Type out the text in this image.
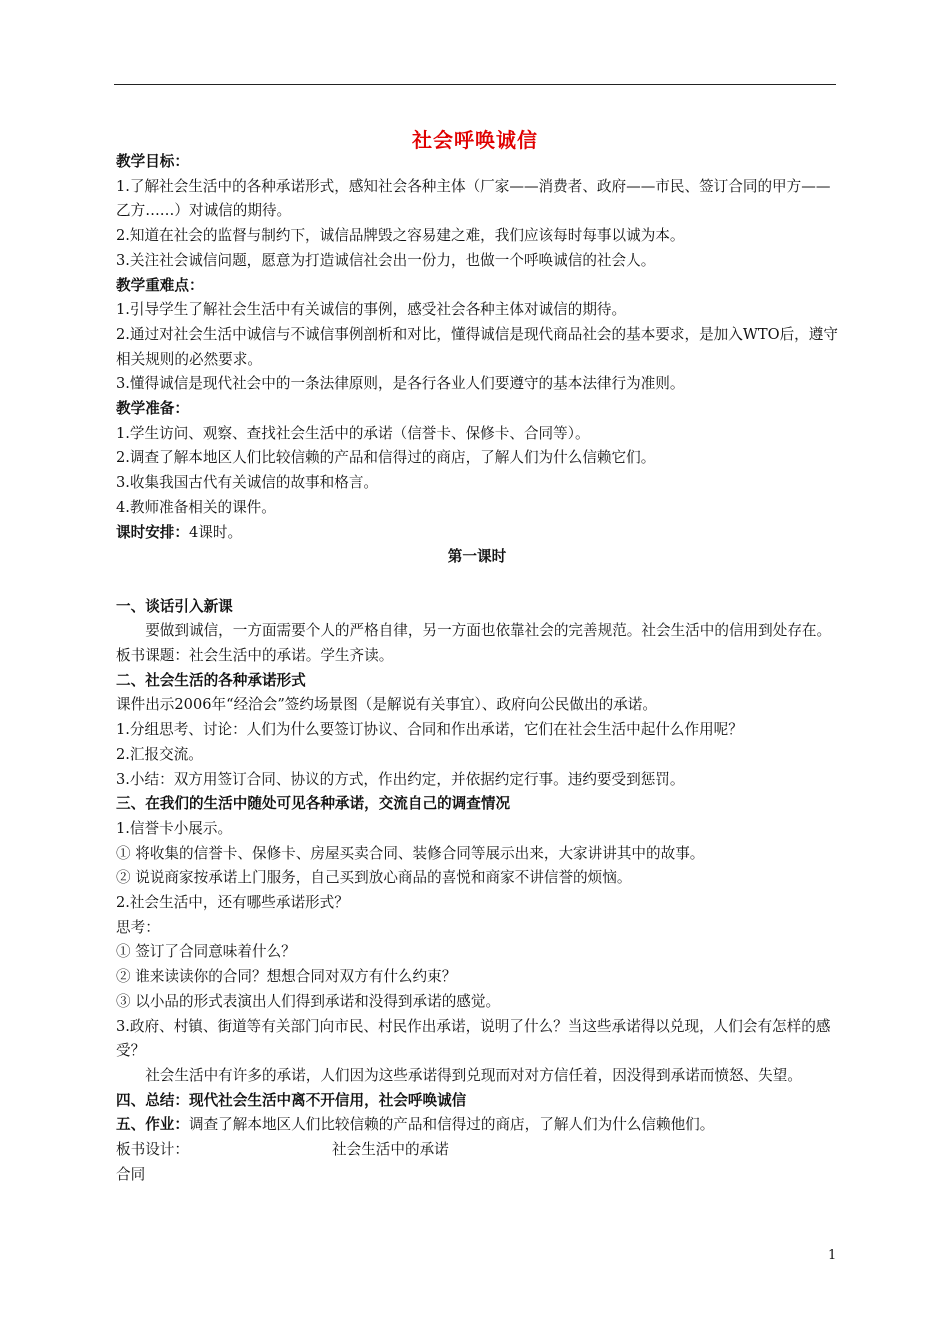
社会呼唤诚信

教学目标：

1.了解社会生活中的各种承诺形式，感知社会各种主体（厂家——消费者、政府——市民、签订合同的甲方——乙方……）对诚信的期待。

2.知道在社会的监督与制约下，诚信品牌毁之容易建之难，我们应该每时每事以诚为本。

3.关注社会诚信问题，愿意为打造诚信社会出一份力，也做一个呼唤诚信的社会人。

教学重难点：

1.引导学生了解社会生活中有关诚信的事例，感受社会各种主体对诚信的期待。

2.通过对社会生活中诚信与不诚信事例剖析和对比，懂得诚信是现代商品社会的基本要求，是加入WTO后，遵守相关规则的必然要求。

3.懂得诚信是现代社会中的一条法律原则，是各行各业人们要遵守的基本法律行为准则。

教学准备：

1.学生访问、观察、查找社会生活中的承诺（信誉卡、保修卡、合同等）。

2.调查了解本地区人们比较信赖的产品和信得过的商店，了解人们为什么信赖它们。

3.收集我国古代有关诚信的故事和格言。

4.教师准备相关的课件。

课时安排：4课时。

第一课时

一、谈话引入新课

要做到诚信，一方面需要个人的严格自律，另一方面也依靠社会的完善规范。社会生活中的信用到处存在。板书课题：社会生活中的承诺。学生齐读。

二、社会生活的各种承诺形式

课件出示2006年“经洽会”签约场景图（是解说有关事宜）、政府向公民做出的承诺。

1.分组思考、讨论：人们为什么要签订协议、合同和作出承诺，它们在社会生活中起什么作用呢？

2.汇报交流。

3.小结：双方用签订合同、协议的方式，作出约定，并依据约定行事。违约要受到惩罚。

三、在我们的生活中随处可见各种承诺，交流自己的调查情况

1.信誉卡小展示。

① 将收集的信誉卡、保修卡、房屋买卖合同、装修合同等展示出来，大家讲讲其中的故事。

② 说说商家按承诺上门服务，自己买到放心商品的喜悦和商家不讲信誉的烦恼。

2.社会生活中，还有哪些承诺形式？

思考：

① 签订了合同意味着什么？

② 谁来读读你的合同？想想合同对双方有什么约束？

③ 以小品的形式表演出人们得到承诺和没得到承诺的感觉。

3.政府、村镇、街道等有关部门向市民、村民作出承诺，说明了什么？当这些承诺得以兑现，人们会有怎样的感受？

社会生活中有许多的承诺，人们因为这些承诺得到兑现而对对方信任着，因没得到承诺而愤怒、失望。

四、总结：现代社会生活中离不开信用，社会呼唤诚信

五、作业：调查了解本地区人们比较信赖的产品和信得过的商店，了解人们为什么信赖他们。

板书设计：	社会生活中的承诺

合同

1
